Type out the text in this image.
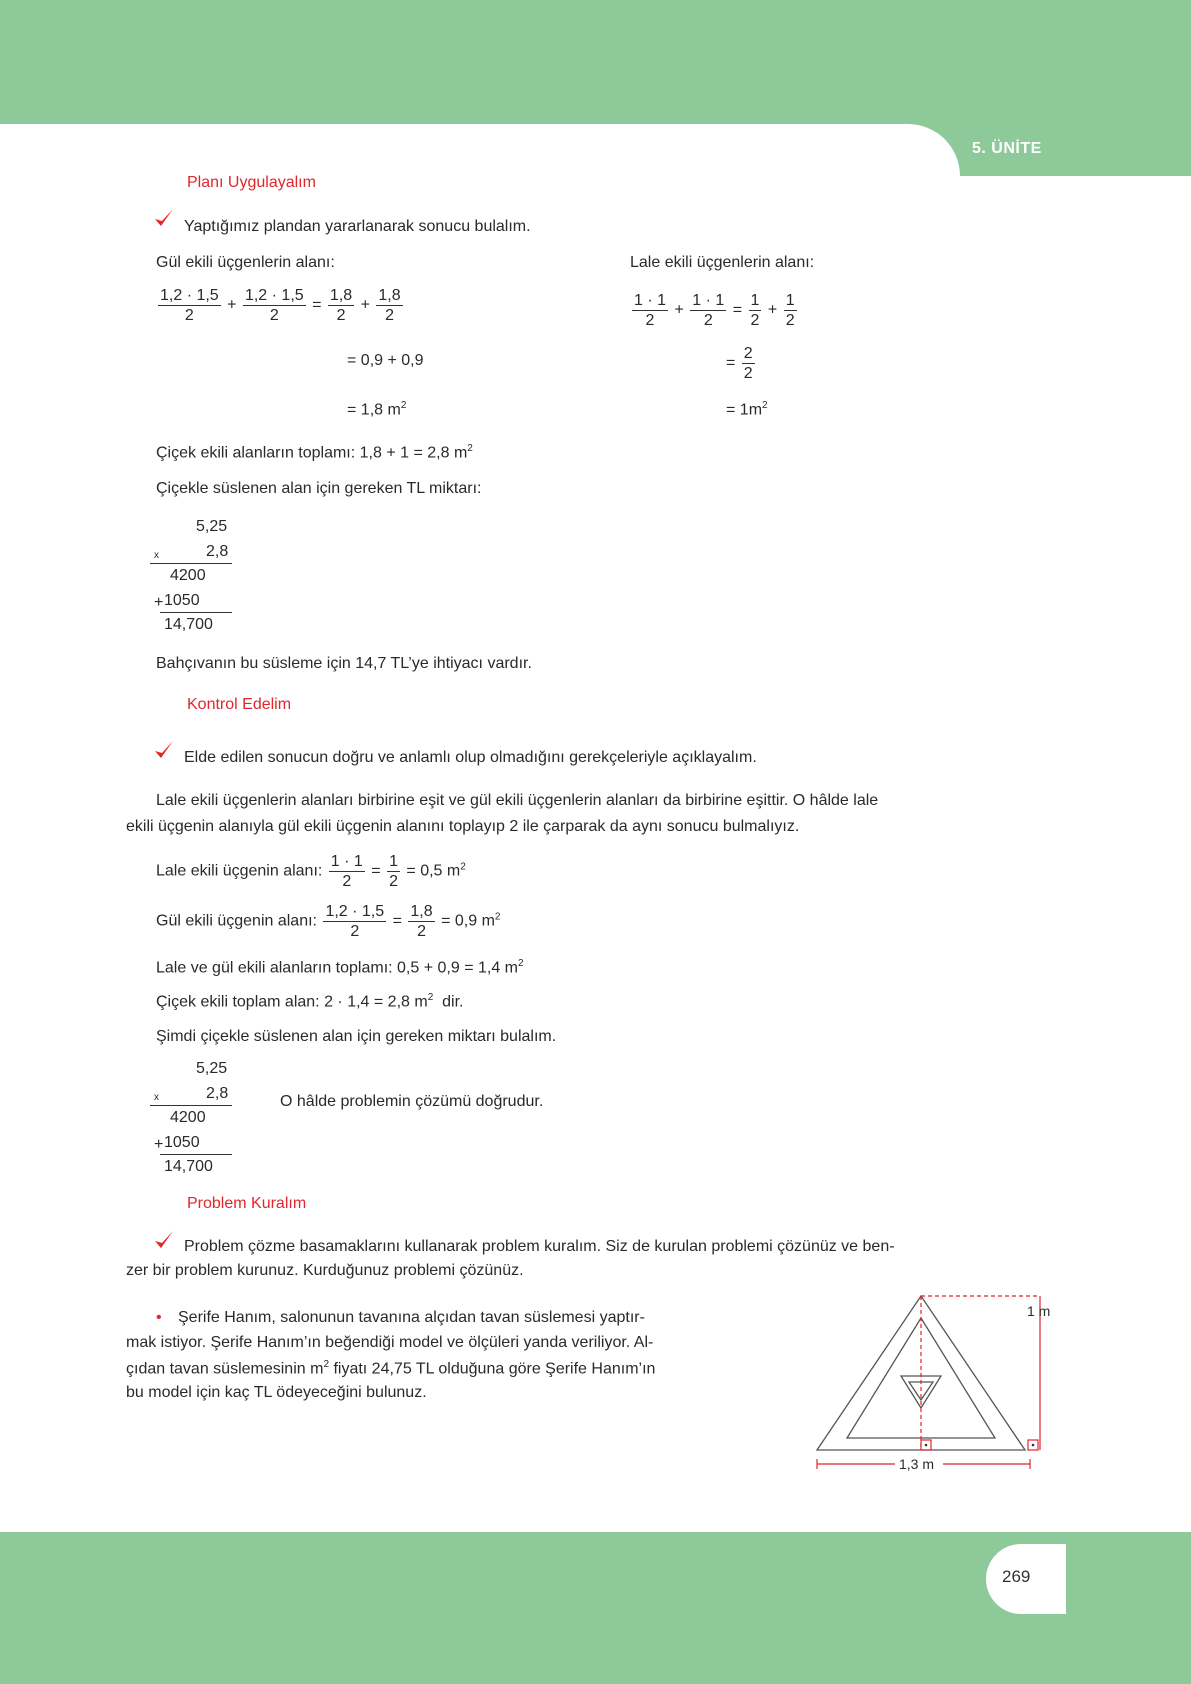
5. ÜNİTE
269
Planı Uygulayalım
Yaptığımız plandan yararlanarak sonucu bulalım.
Gül ekili üçgenlerin alanı:	Lale ekili üçgenlerin alanı:
$\frac{1,2 \cdot 1,5}{2} + \frac{1,2 \cdot 1,5}{2} = \frac{1,8}{2} + \frac{1,8}{2}$
= 0,9 + 0,9
= 1,8 $m^2$
$\frac{1 \cdot 1}{2} + \frac{1 \cdot 1}{2} = \frac{1}{2} + \frac{1}{2}$
= $\frac{2}{2}$
= $1m^2$
Çiçek ekili alanların toplamı: 1,8 + 1 = 2,8 $m^2$
Çiçekle süslenen alan için gereken TL miktarı:
5,25
x	2,8
4200
+ 1050
14,700
Bahçıvanın bu süsleme için 14,7 TL’ye ihtiyacı vardır.
Kontrol Edelim
Elde edilen sonucun doğru ve anlamlı olup olmadığını gerekçeleriyle açıklayalım.
Lale ekili üçgenlerin alanları birbirine eşit ve gül ekili üçgenlerin alanları da birbirine eşittir. O hâlde lale
ekili üçgenin alanıyla gül ekili üçgenin alanını toplayıp 2 ile çarparak da aynı sonucu bulmalıyız.
Lale ekili üçgenin alanı: $\frac{1 \cdot 1}{2} = \frac{1}{2} = 0,5$ $m^2$
Gül ekili üçgenin alanı: $\frac{1,2 \cdot 1,5}{2} = \frac{1,8}{2} = 0,9$ $m^2$
Lale ve gül ekili alanların toplamı: 0,5 + 0,9 = 1,4 $m^2$
Çiçek ekili toplam alan: 2 · 1,4 = 2,8 $m^2$ dir.
Şimdi çiçekle süslenen alan için gereken miktarı bulalım.
5,25
x	2,8
4200
+ 1050
14,700
O hâlde problemin çözümü doğrudur.
Problem Kuralım
Problem çözme basamaklarını kullanarak problem kuralım. Siz de kurulan problemi çözünüz ve ben-
zer bir problem kurunuz. Kurduğunuz problemi çözünüz.
• Şerife Hanım, salonunun tavanına alçıdan tavan süslemesi yaptır-
mak istiyor. Şerife Hanım’ın beğendiği model ve ölçüleri yanda veriliyor. Al-
çıdan tavan süslemesinin $m^2$ fiyatı 24,75 TL olduğuna göre Şerife Hanım’ın
bu model için kaç TL ödeyeceğini bulunuz.
1 m
1,3 m
